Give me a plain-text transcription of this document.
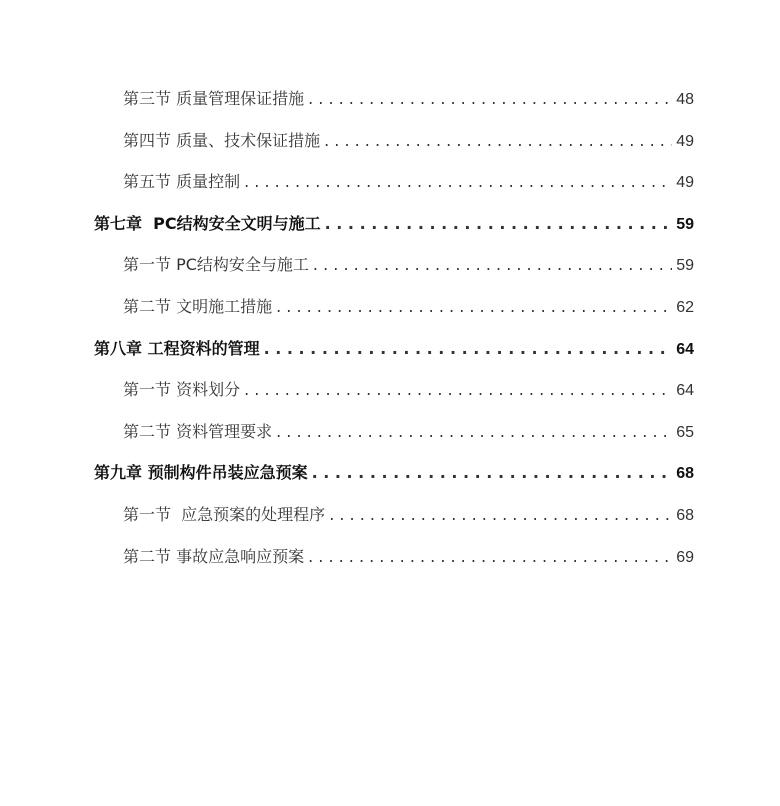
第三节 质量管理保证措施 . . .	48
第四节 质量、技术保证措施 . . .	49
第五节 质量控制 . . .	49
第七章  PC结构安全文明与施工 . . .	59
第一节 PC结构安全与施工 . . .	59
第二节 文明施工措施 . . .	62
第八章 工程资料的管理 . . .	64
第一节 资料划分 . . .	64
第二节 资料管理要求 . . .	65
第九章 预制构件吊装应急预案 . . .	68
第一节  应急预案的处理程序 . . .	68
第二节 事故应急响应预案 . . .	69
